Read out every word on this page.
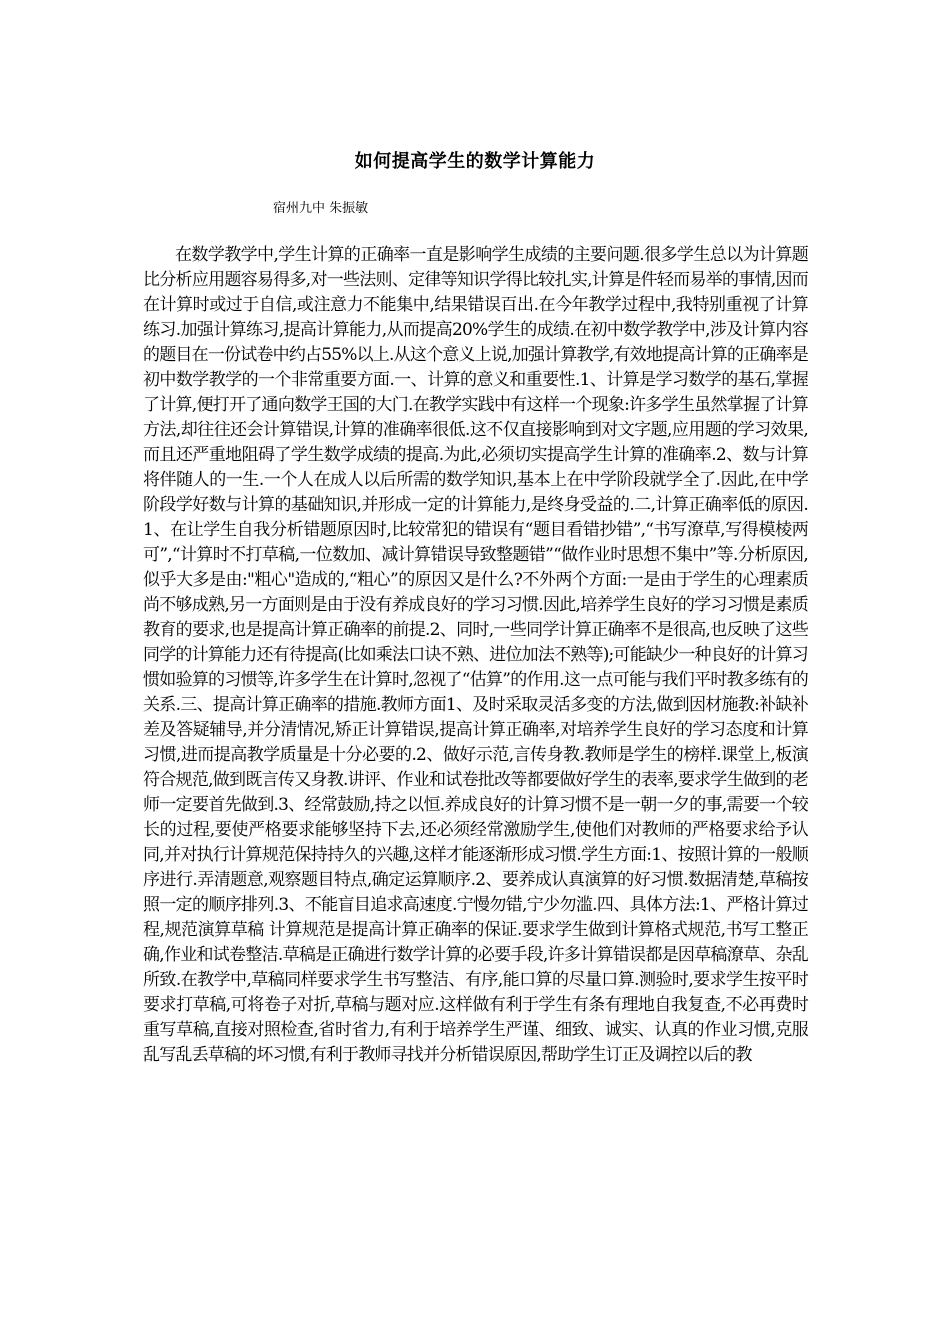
如何提高学生的数学计算能力
宿州九中 朱振敏
在数学教学中,学生计算的正确率一直是影响学生成绩的主要问题.很多学生总以为计算题比分析应用题容易得多,对一些法则、定律等知识学得比较扎实,计算是件轻而易举的事情,因而在计算时或过于自信,或注意力不能集中,结果错误百出.在今年教学过程中,我特别重视了计算练习.加强计算练习,提高计算能力,从而提高20%学生的成绩.在初中数学教学中,涉及计算内容的题目在一份试卷中约占55%以上.从这个意义上说,加强计算教学,有效地提高计算的正确率是初中数学教学的一个非常重要方面.一、计算的意义和重要性.1、计算是学习数学的基石,掌握了计算,便打开了通向数学王国的大门.在教学实践中有这样一个现象:许多学生虽然掌握了计算方法,却往往还会计算错误,计算的准确率很低.这不仅直接影响到对文字题,应用题的学习效果,而且还严重地阻碍了学生数学成绩的提高.为此,必须切实提高学生计算的准确率.2、数与计算将伴随人的一生.一个人在成人以后所需的数学知识,基本上在中学阶段就学全了.因此,在中学阶段学好数与计算的基础知识,并形成一定的计算能力,是终身受益的.二,计算正确率低的原因.1、在让学生自我分析错题原因时,比较常犯的错误有“题目看错抄错”,“书写潦草,写得模棱两可”,“计算时不打草稿,一位数加、减计算错误导致整题错”“做作业时思想不集中”等.分析原因,似乎大多是由:"粗心"造成的,“粗心”的原因又是什么?不外两个方面:一是由于学生的心理素质尚不够成熟,另一方面则是由于没有养成良好的学习习惯.因此,培养学生良好的学习习惯是素质教育的要求,也是提高计算正确率的前提.2、同时,一些同学计算正确率不是很高,也反映了这些同学的计算能力还有待提高(比如乘法口诀不熟、进位加法不熟等);可能缺少一种良好的计算习惯如验算的习惯等,许多学生在计算时,忽视了“估算”的作用.这一点可能与我们平时教多练有的关系.三、提高计算正确率的措施.教师方面1、及时采取灵活多变的方法,做到因材施教:补缺补差及答疑辅导,并分清情况,矫正计算错误,提高计算正确率,对培养学生良好的学习态度和计算习惯,进而提高教学质量是十分必要的.2、做好示范,言传身教.教师是学生的榜样.课堂上,板演符合规范,做到既言传又身教.讲评、作业和试卷批改等都要做好学生的表率,要求学生做到的老师一定要首先做到.3、经常鼓励,持之以恒.养成良好的计算习惯不是一朝一夕的事,需要一个较长的过程,要使严格要求能够坚持下去,还必须经常激励学生,使他们对教师的严格要求给予认同,并对执行计算规范保持持久的兴趣,这样才能逐渐形成习惯.学生方面:1、按照计算的一般顺序进行.弄清题意,观察题目特点,确定运算顺序.2、要养成认真演算的好习惯.数据清楚,草稿按照一定的顺序排列.3、不能盲目追求高速度.宁慢勿错,宁少勿滥.四、具体方法:1、严格计算过程,规范演算草稿 计算规范是提高计算正确率的保证.要求学生做到计算格式规范,书写工整正确,作业和试卷整洁.草稿是正确进行数学计算的必要手段,许多计算错误都是因草稿潦草、杂乱所致.在教学中,草稿同样要求学生书写整洁、有序,能口算的尽量口算.测验时,要求学生按平时要求打草稿,可将卷子对折,草稿与题对应.这样做有利于学生有条有理地自我复查,不必再费时重写草稿,直接对照检查,省时省力,有利于培养学生严谨、细致、诚实、认真的作业习惯,克服乱写乱丢草稿的坏习惯,有利于教师寻找并分析错误原因,帮助学生订正及调控以后的教
